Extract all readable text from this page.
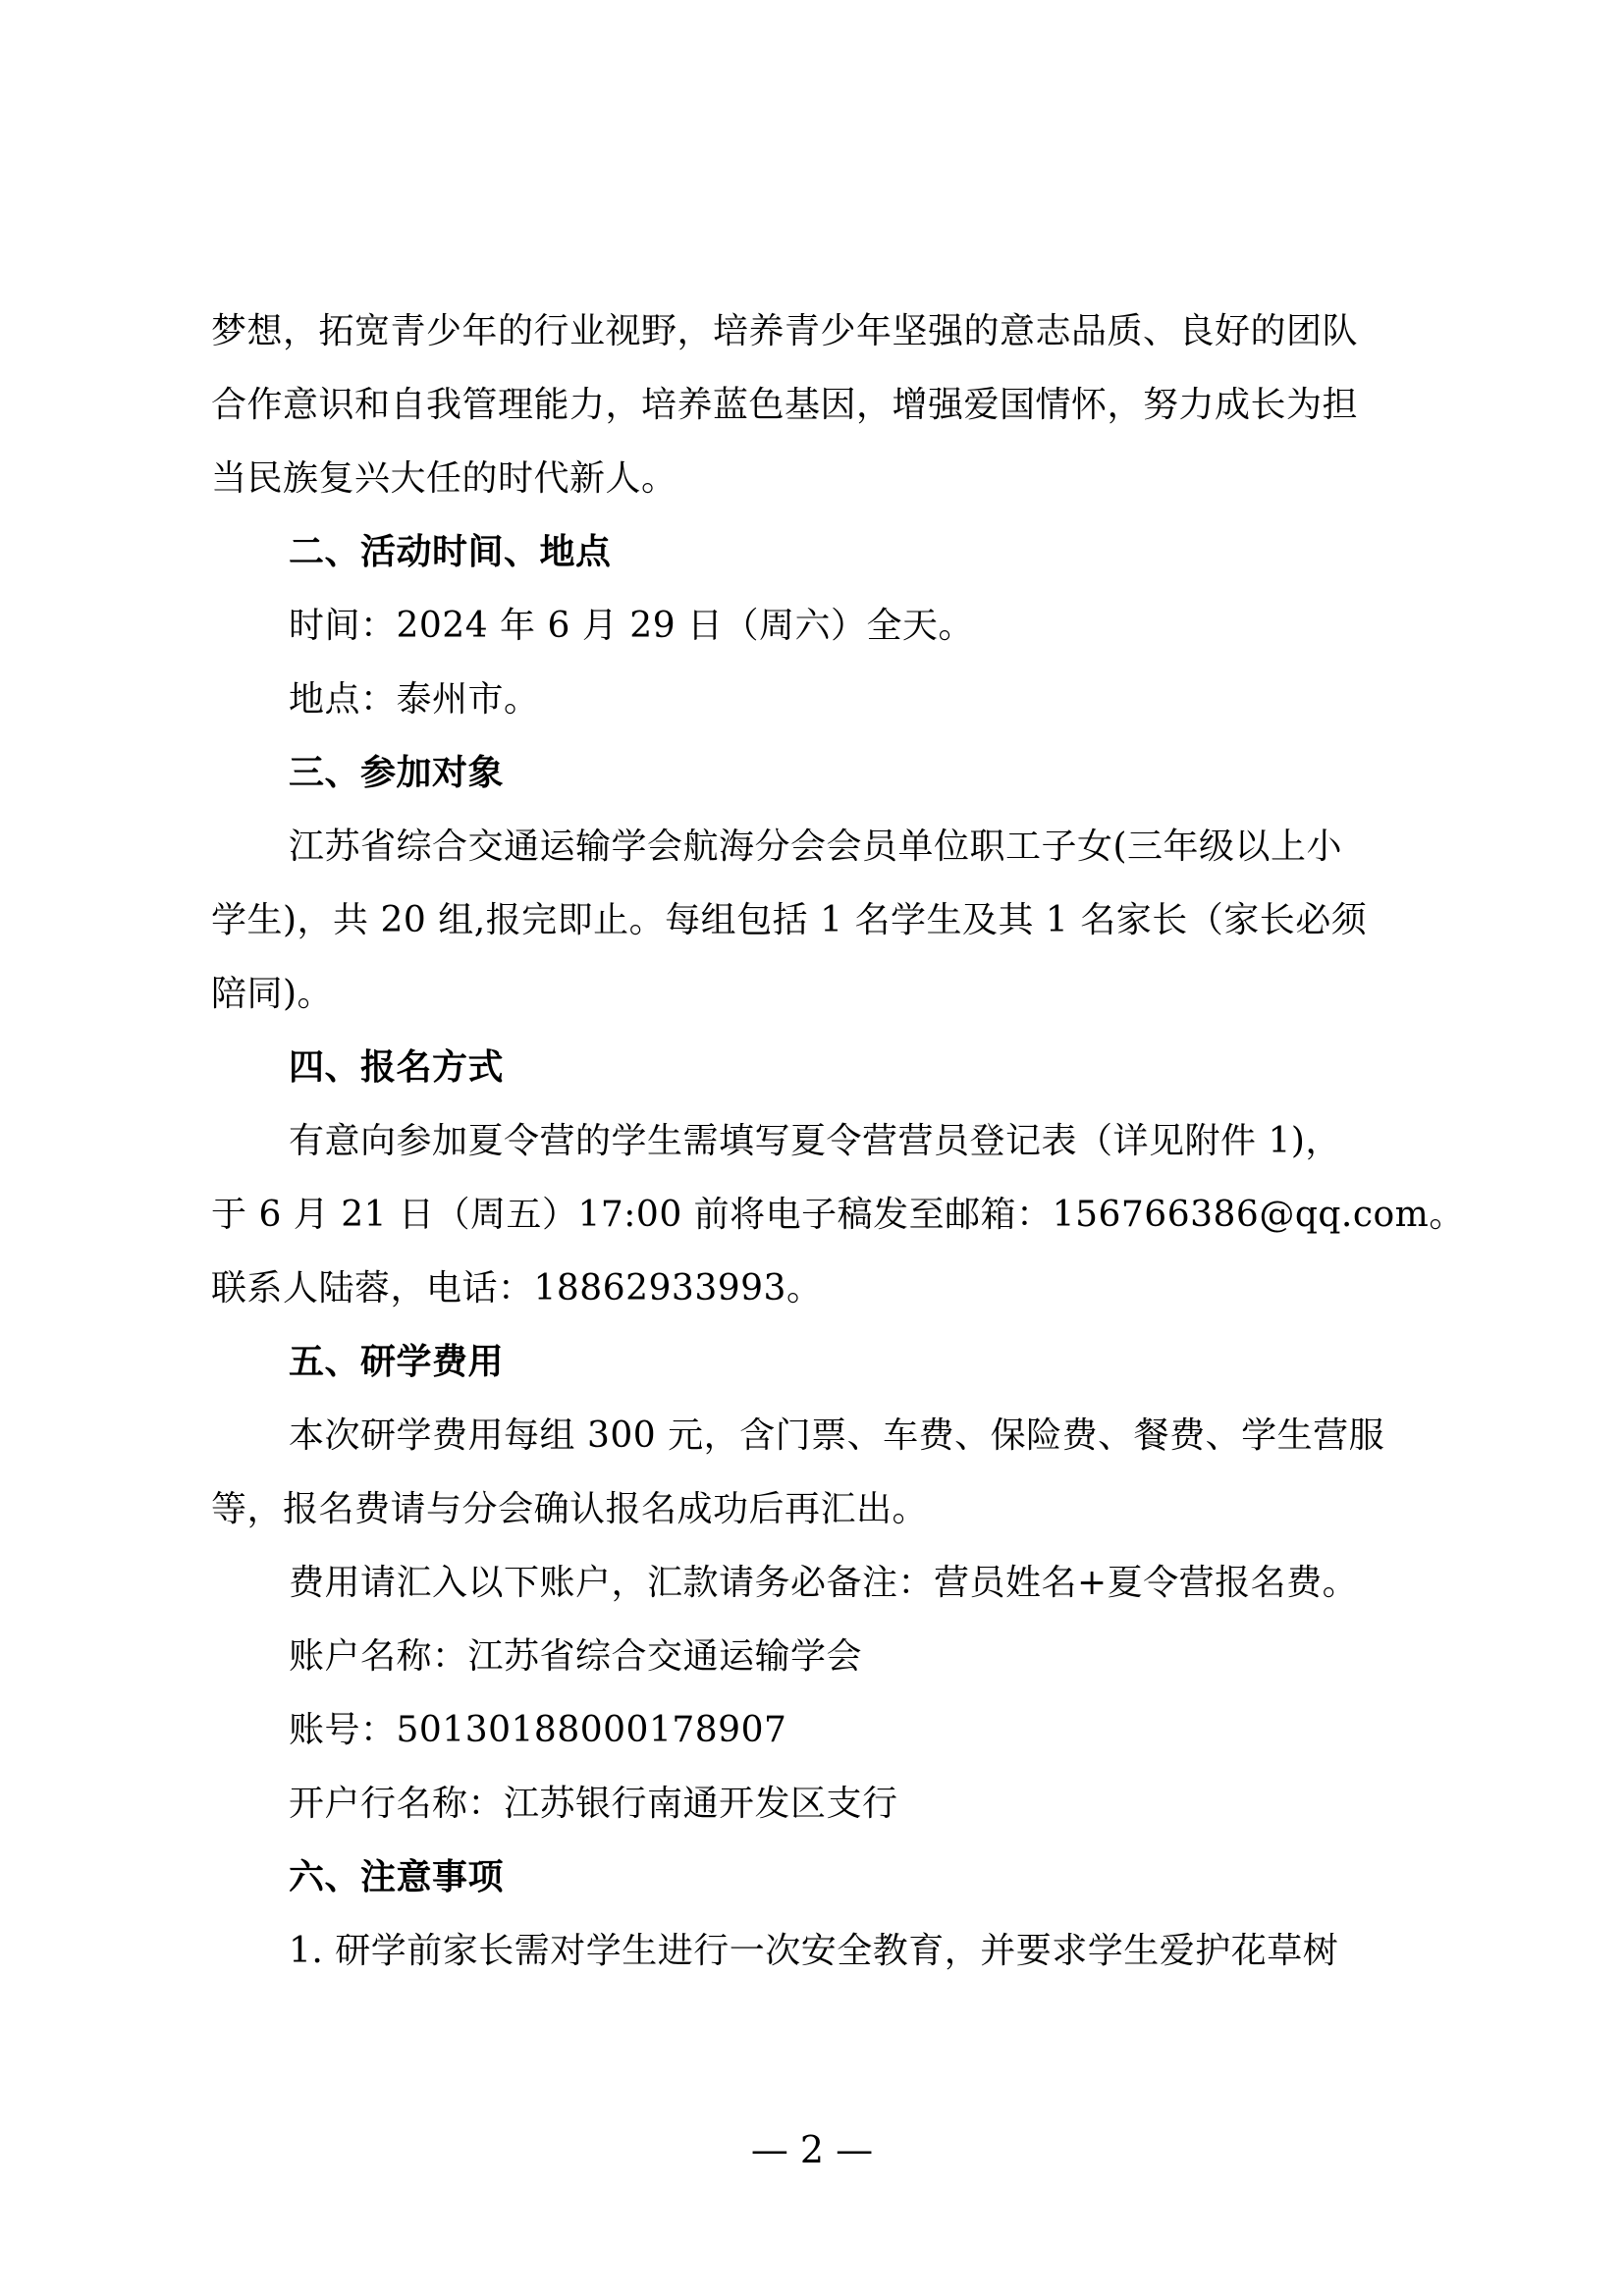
梦想，拓宽青少年的行业视野，培养青少年坚强的意志品质、良好的团队
合作意识和自我管理能力，培养蓝色基因，增强爱国情怀，努力成长为担
当民族复兴大任的时代新人。
二、活动时间、地点
时间：2024 年 6 月 29 日（周六）全天。
地点：泰州市。
三、参加对象
江苏省综合交通运输学会航海分会会员单位职工子女(三年级以上小
学生)，共 20 组,报完即止。每组包括 1 名学生及其 1 名家长（家长必须
陪同)。
四、报名方式
有意向参加夏令营的学生需填写夏令营营员登记表（详见附件 1)，
于 6 月 21 日（周五）17:00 前将电子稿发至邮箱：156766386@qq.com。
联系人陆蓉，电话：18862933993。
五、研学费用
本次研学费用每组 300 元，含门票、车费、保险费、餐费、学生营服
等，报名费请与分会确认报名成功后再汇出。
费用请汇入以下账户，汇款请务必备注：营员姓名+夏令营报名费。
账户名称：江苏省综合交通运输学会
账号：50130188000178907
开户行名称：江苏银行南通开发区支行
六、注意事项
1. 研学前家长需对学生进行一次安全教育，并要求学生爱护花草树
— 2 —
